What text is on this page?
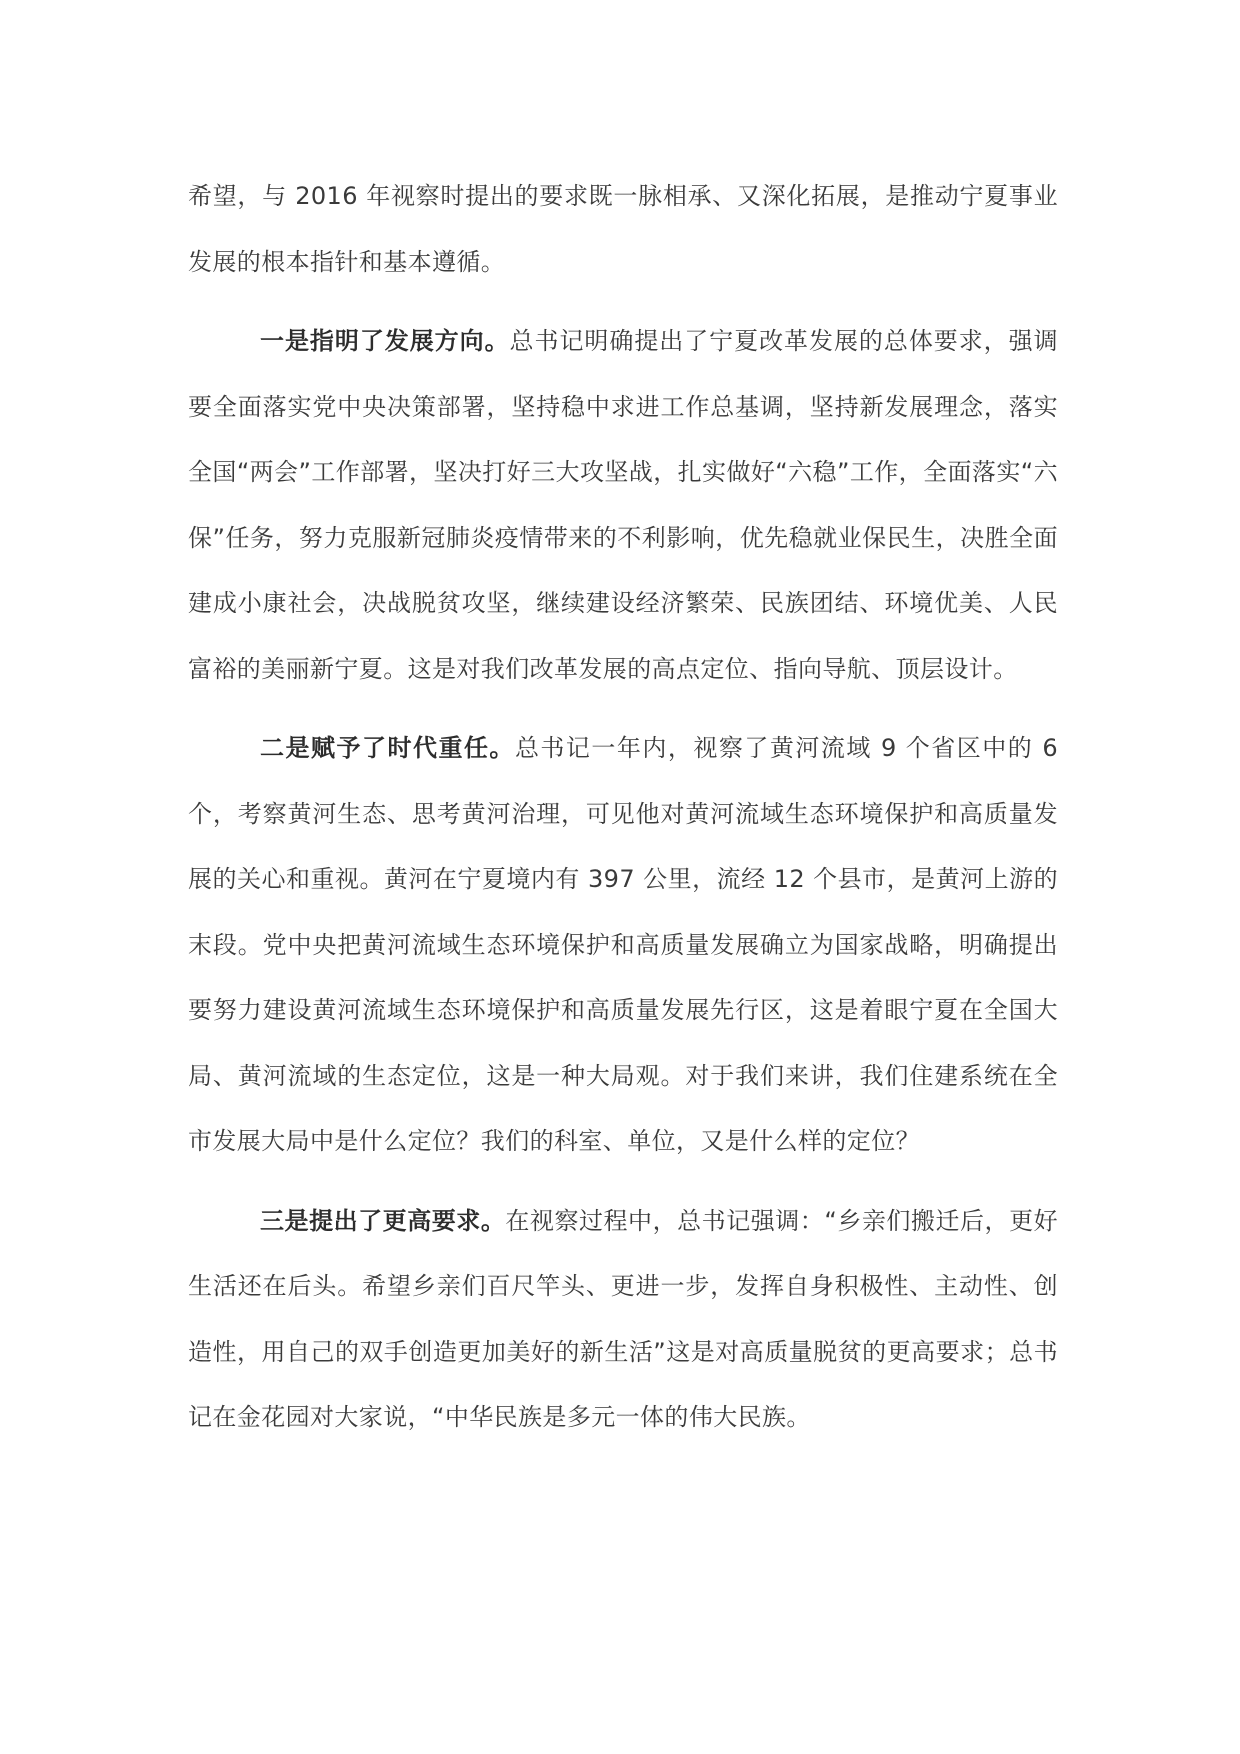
希望，与 2016 年视察时提出的要求既一脉相承、又深化拓展，是推动宁夏事业发展的根本指针和基本遵循。

一是指明了发展方向。总书记明确提出了宁夏改革发展的总体要求，强调要全面落实党中央决策部署，坚持稳中求进工作总基调，坚持新发展理念，落实全国“两会”工作部署，坚决打好三大攻坚战，扎实做好“六稳”工作，全面落实“六保”任务，努力克服新冠肺炎疫情带来的不利影响，优先稳就业保民生，决胜全面建成小康社会，决战脱贫攻坚，继续建设经济繁荣、民族团结、环境优美、人民富裕的美丽新宁夏。这是对我们改革发展的高点定位、指向导航、顶层设计。

二是赋予了时代重任。总书记一年内，视察了黄河流域 9 个省区中的 6 个，考察黄河生态、思考黄河治理，可见他对黄河流域生态环境保护和高质量发展的关心和重视。黄河在宁夏境内有 397 公里，流经 12 个县市，是黄河上游的末段。党中央把黄河流域生态环境保护和高质量发展确立为国家战略，明确提出要努力建设黄河流域生态环境保护和高质量发展先行区，这是着眼宁夏在全国大局、黄河流域的生态定位，这是一种大局观。对于我们来讲，我们住建系统在全市发展大局中是什么定位？我们的科室、单位，又是什么样的定位？

三是提出了更高要求。在视察过程中，总书记强调：“乡亲们搬迁后，更好生活还在后头。希望乡亲们百尺竿头、更进一步，发挥自身积极性、主动性、创造性，用自己的双手创造更加美好的新生活”这是对高质量脱贫的更高要求；总书记在金花园对大家说，“中华民族是多元一体的伟大民族。
